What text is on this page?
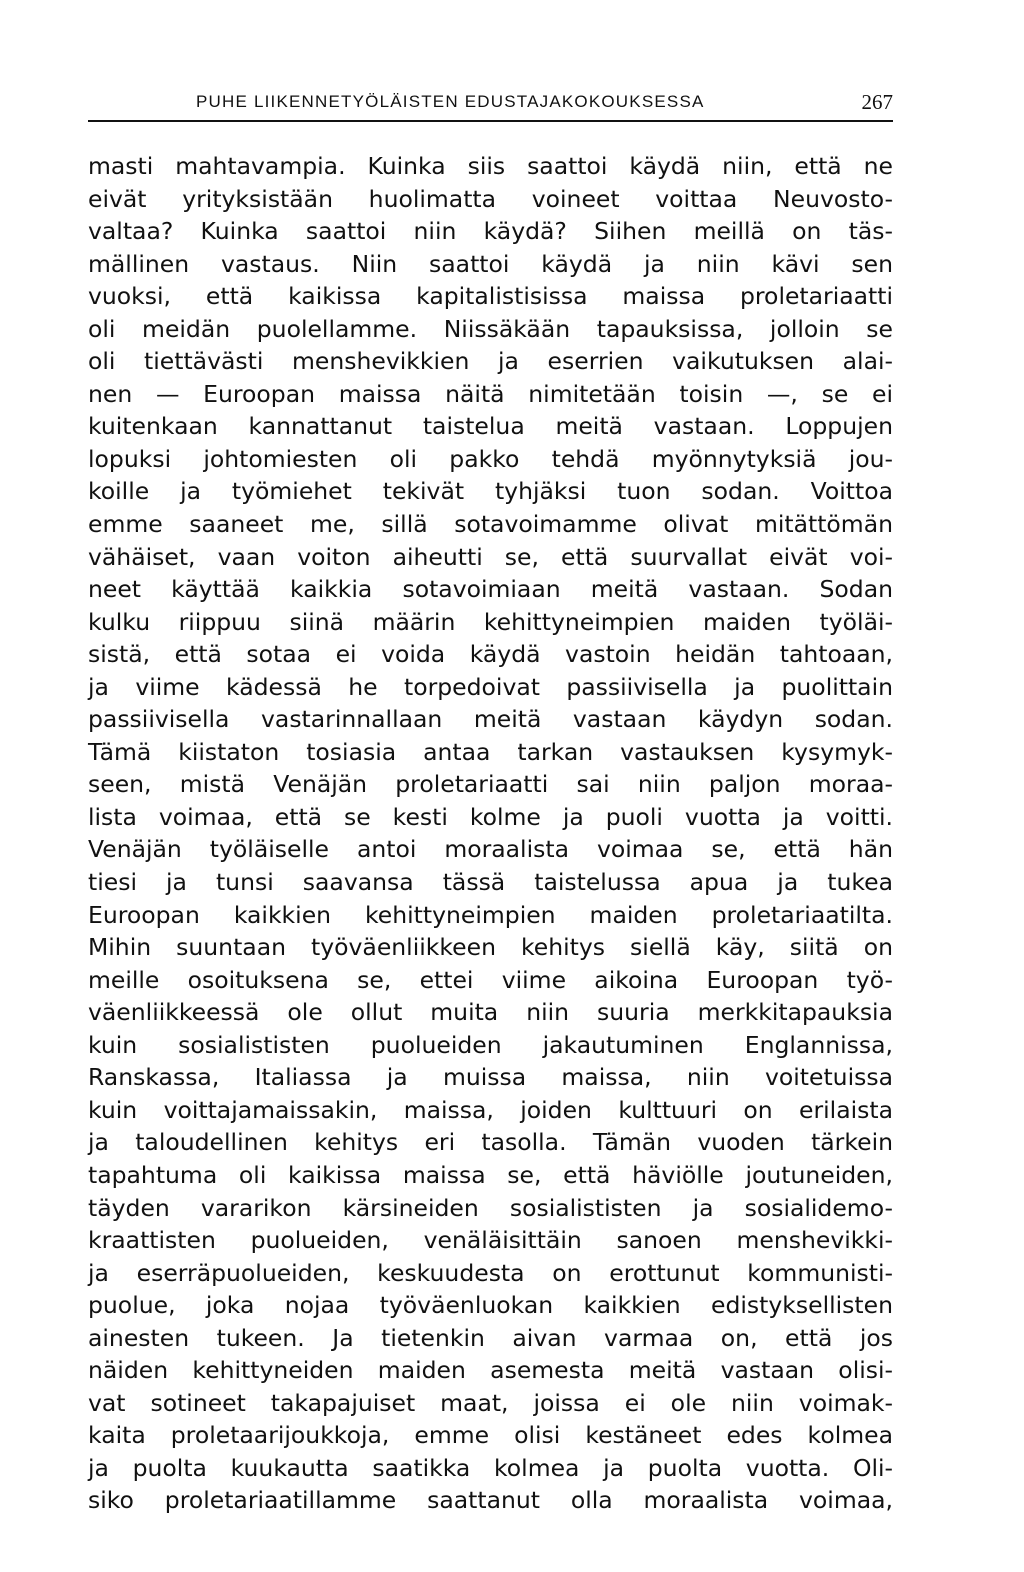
PUHE LIIKENNETYÖLÄISTEN EDUSTAJAKOKOUKSESSA	267
masti mahtavampia. Kuinka siis saattoi käydä niin, että ne
eivät yrityksistään huolimatta voineet voittaa Neuvosto-
valtaa? Kuinka saattoi niin käydä? Siihen meillä on täs-
mällinen vastaus. Niin saattoi käydä ja niin kävi sen
vuoksi, että kaikissa kapitalistisissa maissa proletariaatti
oli meidän puolellamme. Niissäkään tapauksissa, jolloin se
oli tiettävästi menshevikkien ja eserrien vaikutuksen alai-
nen — Euroopan maissa näitä nimitetään toisin —, se ei
kuitenkaan kannattanut taistelua meitä vastaan. Loppujen
lopuksi johtomiesten oli pakko tehdä myönnytyksiä jou-
koille ja työmiehet tekivät tyhjäksi tuon sodan. Voittoa
emme saaneet me, sillä sotavoimamme olivat mitättömän
vähäiset, vaan voiton aiheutti se, että suurvallat eivät voi-
neet käyttää kaikkia sotavoimiaan meitä vastaan. Sodan
kulku riippuu siinä määrin kehittyneimpien maiden työläi-
sistä, että sotaa ei voida käydä vastoin heidän tahtoaan,
ja viime kädessä he torpedoivat passiivisella ja puolittain
passiivisella vastarinnallaan meitä vastaan käydyn sodan.
Tämä kiistaton tosiasia antaa tarkan vastauksen kysymyk-
seen, mistä Venäjän proletariaatti sai niin paljon moraa-
lista voimaa, että se kesti kolme ja puoli vuotta ja voitti.
Venäjän työläiselle antoi moraalista voimaa se, että hän
tiesi ja tunsi saavansa tässä taistelussa apua ja tukea
Euroopan kaikkien kehittyneimpien maiden proletariaatilta.
Mihin suuntaan työväenliikkeen kehitys siellä käy, siitä on
meille osoituksena se, ettei viime aikoina Euroopan työ-
väenliikkeessä ole ollut muita niin suuria merkkitapauksia
kuin sosialististen puolueiden jakautuminen Englannissa,
Ranskassa, Italiassa ja muissa maissa, niin voitetuissa
kuin voittajamaissakin, maissa, joiden kulttuuri on erilaista
ja taloudellinen kehitys eri tasolla. Tämän vuoden tärkein
tapahtuma oli kaikissa maissa se, että häviölle joutuneiden,
täyden vararikon kärsineiden sosialististen ja sosialidemo-
kraattisten puolueiden, venäläisittäin sanoen menshevikki-
ja eserräpuolueiden, keskuudesta on erottunut kommunisti-
puolue, joka nojaa työväenluokan kaikkien edistyksellisten
ainesten tukeen. Ja tietenkin aivan varmaa on, että jos
näiden kehittyneiden maiden asemesta meitä vastaan olisi-
vat sotineet takapajuiset maat, joissa ei ole niin voimak-
kaita proletaarijoukkoja, emme olisi kestäneet edes kolmea
ja puolta kuukautta saatikka kolmea ja puolta vuotta. Oli-
siko proletariaatillamme saattanut olla moraalista voimaa,
